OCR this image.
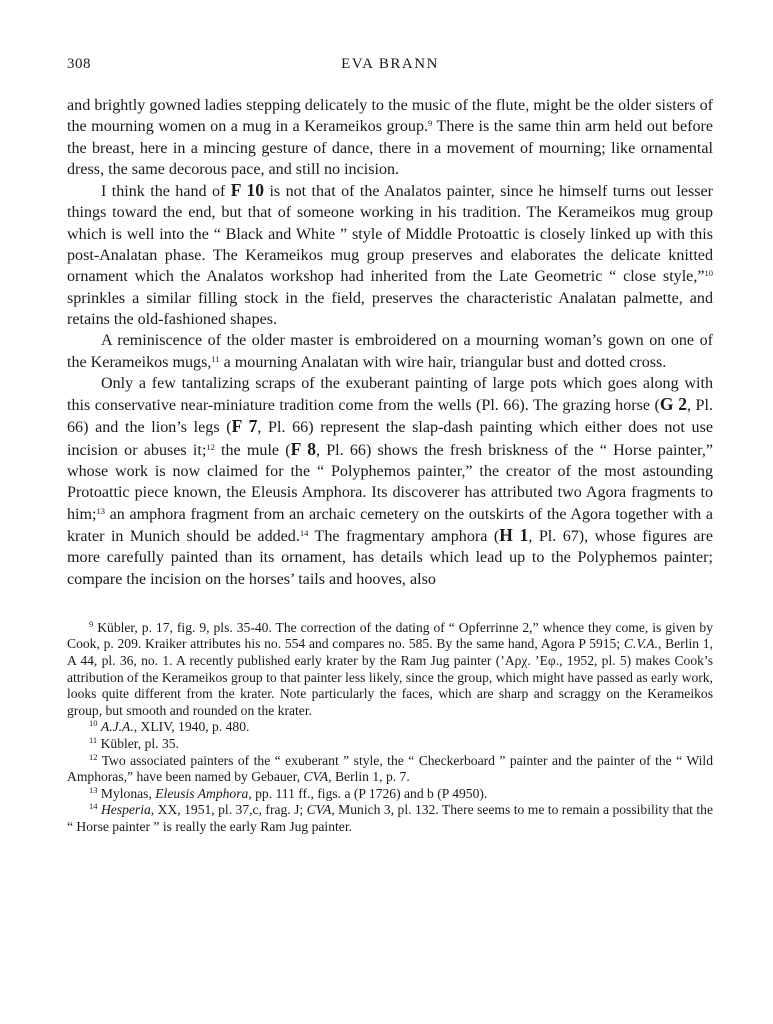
308	EVA BRANN

and brightly gowned ladies stepping delicately to the music of the flute, might be the older sisters of the mourning women on a mug in a Kerameikos group.$^9$ There is the same thin arm held out before the breast, here in a mincing gesture of dance, there in a movement of mourning; like ornamental dress, the same decorous pace, and still no incision.

I think the hand of F 10 is not that of the Analatos painter, since he himself turns out lesser things toward the end, but that of someone working in his tradition. The Kerameikos mug group which is well into the “ Black and White ” style of Middle Protoattic is closely linked up with this post-Analatan phase. The Kerameikos mug group preserves and elaborates the delicate knitted ornament which the Analatos workshop had inherited from the Late Geometric “ close style,”$^{10}$ sprinkles a similar filling stock in the field, preserves the characteristic Analatan palmette, and retains the old-fashioned shapes.

A reminiscence of the older master is embroidered on a mourning woman’s gown on one of the Kerameikos mugs,$^{11}$ a mourning Analatan with wire hair, triangular bust and dotted cross.

Only a few tantalizing scraps of the exuberant painting of large pots which goes along with this conservative near-miniature tradition come from the wells (Pl. 66). The grazing horse (G 2, Pl. 66) and the lion’s legs (F 7, Pl. 66) represent the slap-dash painting which either does not use incision or abuses it;$^{12}$ the mule (F 8, Pl. 66) shows the fresh briskness of the “ Horse painter,” whose work is now claimed for the “ Polyphemos painter,” the creator of the most astounding Protoattic piece known, the Eleusis Amphora. Its discoverer has attributed two Agora fragments to him;$^{13}$ an amphora fragment from an archaic cemetery on the outskirts of the Agora together with a krater in Munich should be added.$^{14}$ The fragmentary amphora (H 1, Pl. 67), whose figures are more carefully painted than its ornament, has details which lead up to the Polyphemos painter; compare the incision on the horses’ tails and hooves, also

$^9$ Kübler, p. 17, fig. 9, pls. 35-40. The correction of the dating of “ Opferrinne 2,” whence they come, is given by Cook, p. 209. Kraiker attributes his no. 554 and compares no. 585. By the same hand, Agora P 5915; C.V.A., Berlin 1, A 44, pl. 36, no. 1. A recently published early krater by the Ram Jug painter (’Αρχ. ’Εφ., 1952, pl. 5) makes Cook’s attribution of the Kerameikos group to that painter less likely, since the group, which might have passed as early work, looks quite different from the krater. Note particularly the faces, which are sharp and scraggy on the Kerameikos group, but smooth and rounded on the krater.

$^{10}$ A.J.A., XLIV, 1940, p. 480.

$^{11}$ Kübler, pl. 35.

$^{12}$ Two associated painters of the “ exuberant ” style, the “ Checkerboard ” painter and the painter of the “ Wild Amphoras,” have been named by Gebauer, CVA, Berlin 1, p. 7.

$^{13}$ Mylonas, Eleusis Amphora, pp. 111 ff., figs. a (P 1726) and b (P 4950).

$^{14}$ Hesperia, XX, 1951, pl. 37,c, frag. J; CVA, Munich 3, pl. 132. There seems to me to remain a possibility that the “ Horse painter ” is really the early Ram Jug painter.
